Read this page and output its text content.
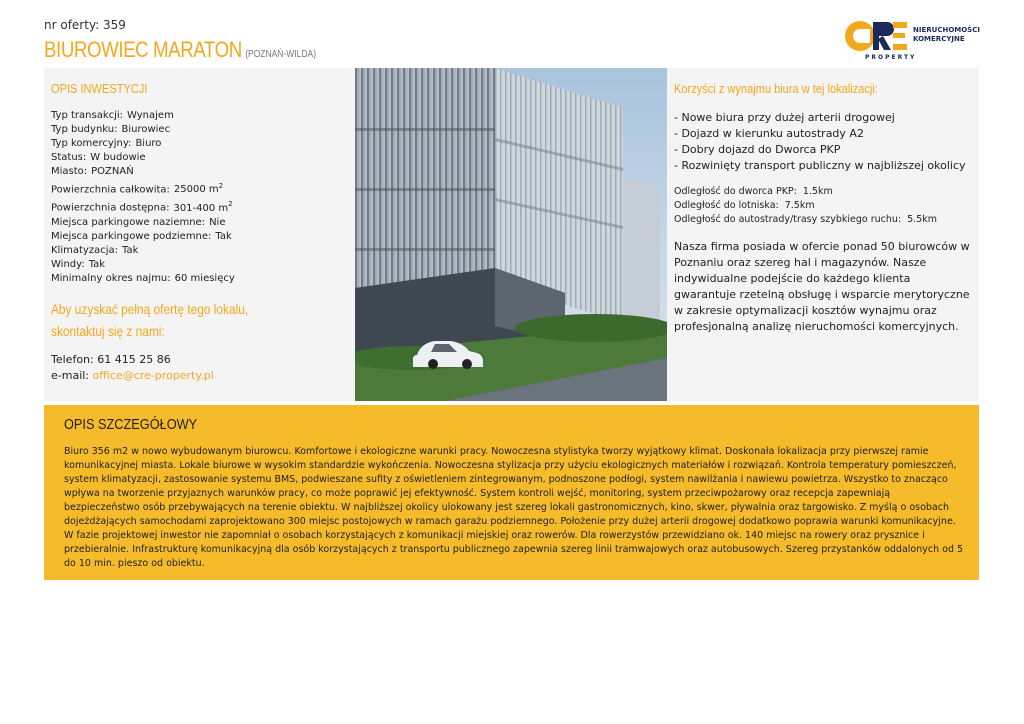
nr oferty: 359
BIUROWIEC MARATON (POZNAŃ-WILDA)
NIERUCHOMOŚCI
KOMERCYJNE
PROPERTY
OPIS INWESTYCJI
Typ transakcji: Wynajem
Typ budynku: Biurowiec
Typ komercyjny: Biuro
Status: W budowie
Miasto: POZNAŃ
Powierzchnia całkowita: 25000 $m^2$
Powierzchnia dostępna: 301-400 $m^2$
Miejsca parkingowe naziemne: Nie
Miejsca parkingowe podziemne: Tak
Klimatyzacja: Tak
Windy: Tak
Minimalny okres najmu: 60 miesięcy
Aby uzyskać pełną ofertę tego lokalu,
skontaktuj się z nami:
Telefon: 61 415 25 86
e-mail: office@cre-property.pl
Korzyści z wynajmu biura w tej lokalizacji:
- Nowe biura przy dużej arterii drogowej
- Dojazd w kierunku autostrady A2
- Dobry dojazd do Dworca PKP
- Rozwinięty transport publiczny w najbliższej okolicy
Odległość do dworca PKP: 1.5km
Odległość do lotniska: 7.5km
Odległość do autostrady/trasy szybkiego ruchu: 5.5km
Nasza firma posiada w ofercie ponad 50 biurowców w Poznaniu oraz szereg hal i magazynów. Nasze indywidualne podejście do każdego klienta gwarantuje rzetelną obsługę i wsparcie merytoryczne w zakresie optymalizacji kosztów wynajmu oraz profesjonalną analizę nieruchomości komercyjnych.
OPIS SZCZEGÓŁOWY
Biuro 356 m2 w nowo wybudowanym biurowcu. Komfortowe i ekologiczne warunki pracy. Nowoczesna stylistyka tworzy wyjątkowy klimat. Doskonała lokalizacja przy pierwszej ramie komunikacyjnej miasta. Lokale biurowe w wysokim standardzie wykończenia. Nowoczesna stylizacja przy użyciu ekologicznych materiałów i rozwiązań. Kontrola temperatury pomieszczeń, system klimatyzacji, zastosowanie systemu BMS, podwieszane sufity z oświetleniem zintegrowanym, podnoszone podłogi, system nawilżania i nawiewu powietrza. Wszystko to znacząco wpływa na tworzenie przyjaznych warunków pracy, co może poprawić jej efektywność. System kontroli wejść, monitoring, system przeciwpożarowy oraz recepcja zapewniają bezpieczeństwo osób przebywających na terenie obiektu. W najbliższej okolicy ulokowany jest szereg lokali gastronomicznych, kino, skwer, pływalnia oraz targowisko. Z myślą o osobach dojeżdżających samochodami zaprojektowano 300 miejsc postojowych w ramach garażu podziemnego. Położenie przy dużej arterii drogowej dodatkowo poprawia warunki komunikacyjne. W fazie projektowej inwestor nie zapomniał o osobach korzystających z komunikacji miejskiej oraz rowerów. Dla rowerzystów przewidziano ok. 140 miejsc na rowery oraz prysznice i przebieralnie. Infrastrukturę komunikacyjną dla osób korzystających z transportu publicznego zapewnia szereg linii tramwajowych oraz autobusowych. Szereg przystanków oddalonych od 5 do 10 min. pieszo od obiektu.
